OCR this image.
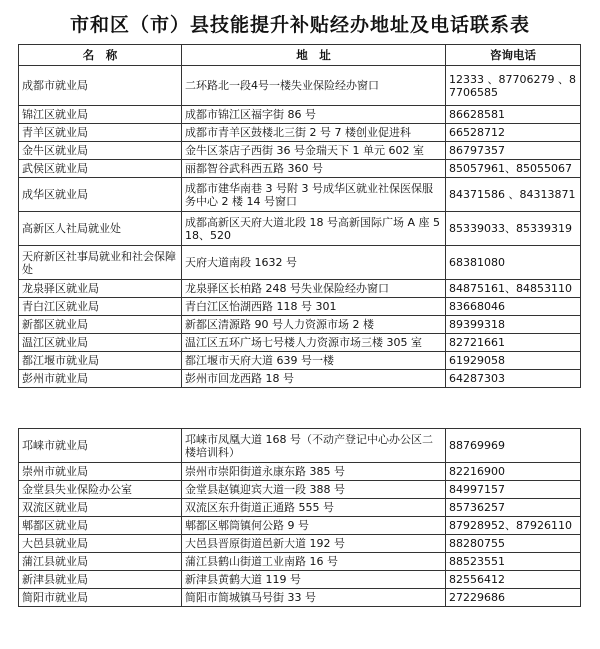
市和区（市）县技能提升补贴经办地址及电话联系表
名　称	地　址	咨询电话
成都市就业局	二环路北一段4号一楼失业保险经办窗口	12333 、87706279 、87706585
锦江区就业局	成都市锦江区福字街 86 号	86628581
青羊区就业局	成都市青羊区鼓楼北三街 2 号 7 楼创业促进科	66528712
金牛区就业局	金牛区茶店子西街 36 号金瑞天下 1 单元 602 室	86797357
武侯区就业局	丽都智谷武科西五路 360 号	85057961、85055067
成华区就业局	成都市建华南巷 3 号附 3 号成华区就业社保医保服务中心 2 楼 14 号窗口	84371586 、84313871
高新区人社局就业处	成都高新区天府大道北段 18 号高新国际广场 A 座 518、520	85339033、85339319
天府新区社事局就业和社会保障处	天府大道南段 1632 号	68381080
龙泉驿区就业局	龙泉驿区长柏路 248 号失业保险经办窗口	84875161、84853110
青白江区就业局	青白江区怡湖西路 118 号 301	83668046
新都区就业局	新都区清源路 90 号人力资源市场 2 楼	89399318
温江区就业局	温江区五环广场七号楼人力资源市场三楼 305 室	82721661
都江堰市就业局	都江堰市天府大道 639 号一楼	61929058
彭州市就业局	彭州市回龙西路 18 号	64287303
邛崃市就业局	邛崃市凤凰大道 168 号（不动产登记中心办公区二楼培训科）	88769969
崇州市就业局	崇州市崇阳街道永康东路 385 号	82216900
金堂县失业保险办公室	金堂县赵镇迎宾大道一段 388 号	84997157
双流区就业局	双流区东升街道正通路 555 号	85736257
郫都区就业局	郫都区郫筒镇何公路 9 号	87928952、87926110
大邑县就业局	大邑县晋原街道邑新大道 192 号	88280755
蒲江县就业局	蒲江县鹤山街道工业南路 16 号	88523551
新津县就业局	新津县黄鹤大道 119 号	82556412
简阳市就业局	简阳市简城镇马号街 33 号	27229686
